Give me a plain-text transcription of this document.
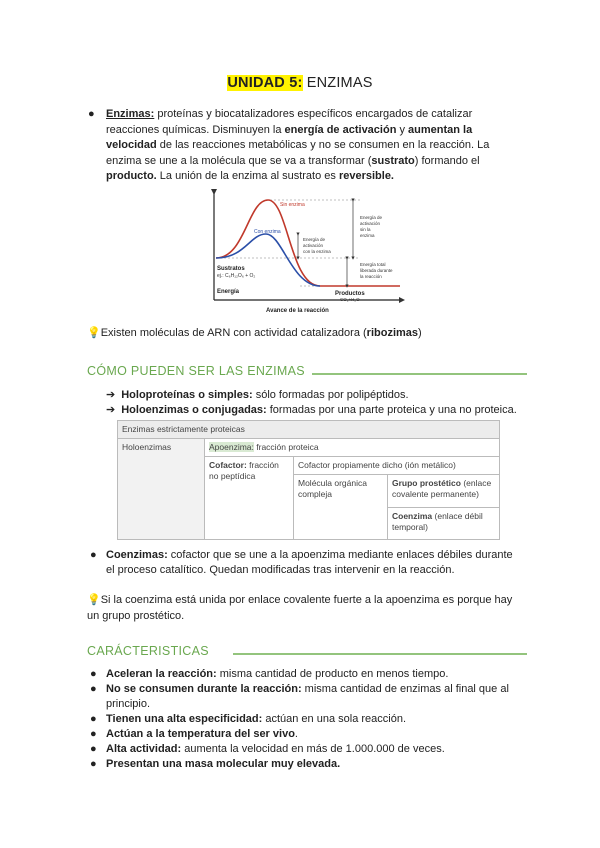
UNIDAD 5: ENZIMAS
● Enzimas: proteínas y biocatalizadores específicos encargados de catalizar reacciones químicas. Disminuyen la energía de activación y aumentan la velocidad de las reacciones metabólicas y no se consumen en la reacción. La enzima se une a la molécula que se va a transformar (sustrato) formando el producto. La unión de la enzima al sustrato es reversible.
Sin enzima
Con enzima
Energía de
activación
sin la
enzima
Energía de
activación
con la enzima
Energía total
liberada durante
la reacción
Sustratos
ej.: C₆H₁₂O₆ + O₂
Productos
CO₂+H₂O
Energía
Avance de la reacción
💡Existen moléculas de ARN con actividad catalizadora (ribozimas)
CÓMO PUEDEN SER LAS ENZIMAS
➔ Holoproteínas o simples: sólo formadas por polipéptidos.
➔ Holoenzimas o conjugadas: formadas por una parte proteica y una no proteica.
Enzimas estrictamente proteicas			
Holoenzimas	Apoenzima: fracción proteica		
	Cofactor: fracción no peptídica	Cofactor propiamente dicho (ión metálico)	
		Molécula orgánica compleja	Grupo prostético (enlace covalente permanente)
			Coenzima (enlace débil temporal)
● Coenzimas: cofactor que se une a la apoenzima mediante enlaces débiles durante el proceso catalítico. Quedan modificadas tras intervenir en la reacción.
💡Si la coenzima está unida por enlace covalente fuerte a la apoenzima es porque hay un grupo prostético.
CARÁCTERISTICAS
● Aceleran la reacción: misma cantidad de producto en menos tiempo.
● No se consumen durante la reacción: misma cantidad de enzimas al final que al principio.
● Tienen una alta especificidad: actúan en una sola reacción.
● Actúan a la temperatura del ser vivo.
● Alta actividad: aumenta la velocidad en más de 1.000.000 de veces.
● Presentan una masa molecular muy elevada.
